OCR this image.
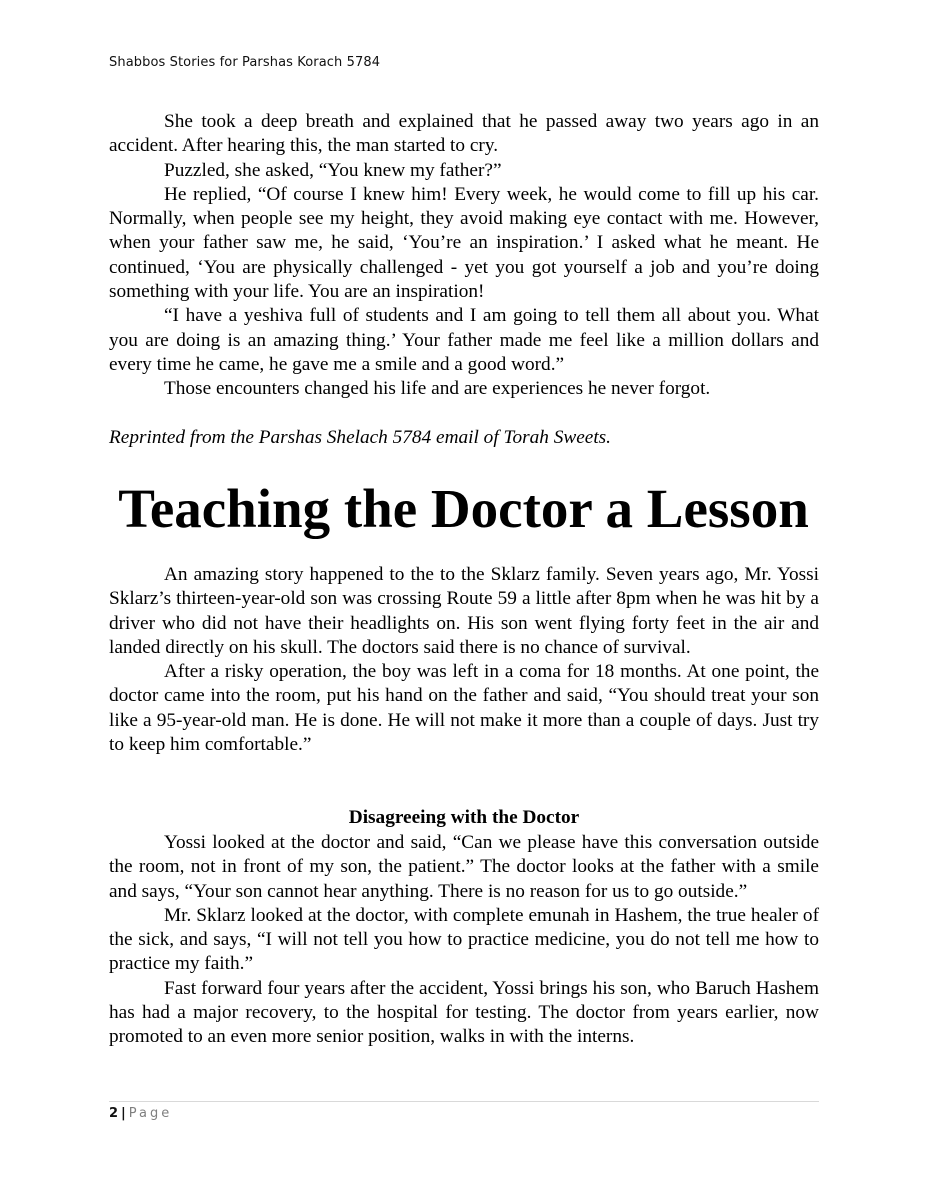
Shabbos Stories for Parshas Korach 5784

She took a deep breath and explained that he passed away two years ago in an accident. After hearing this, the man started to cry.

Puzzled, she asked, “You knew my father?”

He replied, “Of course I knew him! Every week, he would come to fill up his car. Normally, when people see my height, they avoid making eye contact with me. However, when your father saw me, he said, ‘You’re an inspiration.’ I asked what he meant. He continued, ‘You are physically challenged - yet you got yourself a job and you’re doing something with your life. You are an inspiration!

“I have a yeshiva full of students and I am going to tell them all about you. What you are doing is an amazing thing.’ Your father made me feel like a million dollars and every time he came, he gave me a smile and a good word.”

Those encounters changed his life and are experiences he never forgot.

Reprinted from the Parshas Shelach 5784 email of Torah Sweets.
Teaching the Doctor a Lesson

An amazing story happened to the to the Sklarz family. Seven years ago, Mr. Yossi Sklarz’s thirteen-year-old son was crossing Route 59 a little after 8pm when he was hit by a driver who did not have their headlights on. His son went flying forty feet in the air and landed directly on his skull. The doctors said there is no chance of survival.

After a risky operation, the boy was left in a coma for 18 months. At one point, the doctor came into the room, put his hand on the father and said, “You should treat your son like a 95-year-old man. He is done. He will not make it more than a couple of days. Just try to keep him comfortable.”

Disagreeing with the Doctor

Yossi looked at the doctor and said, “Can we please have this conversation outside the room, not in front of my son, the patient.” The doctor looks at the father with a smile and says, “Your son cannot hear anything. There is no reason for us to go outside.”

Mr. Sklarz looked at the doctor, with complete emunah in Hashem, the true healer of the sick, and says, “I will not tell you how to practice medicine, you do not tell me how to practice my faith.”

Fast forward four years after the accident, Yossi brings his son, who Baruch Hashem has had a major recovery, to the hospital for testing. The doctor from years earlier, now promoted to an even more senior position, walks in with the interns.

2 | Page
